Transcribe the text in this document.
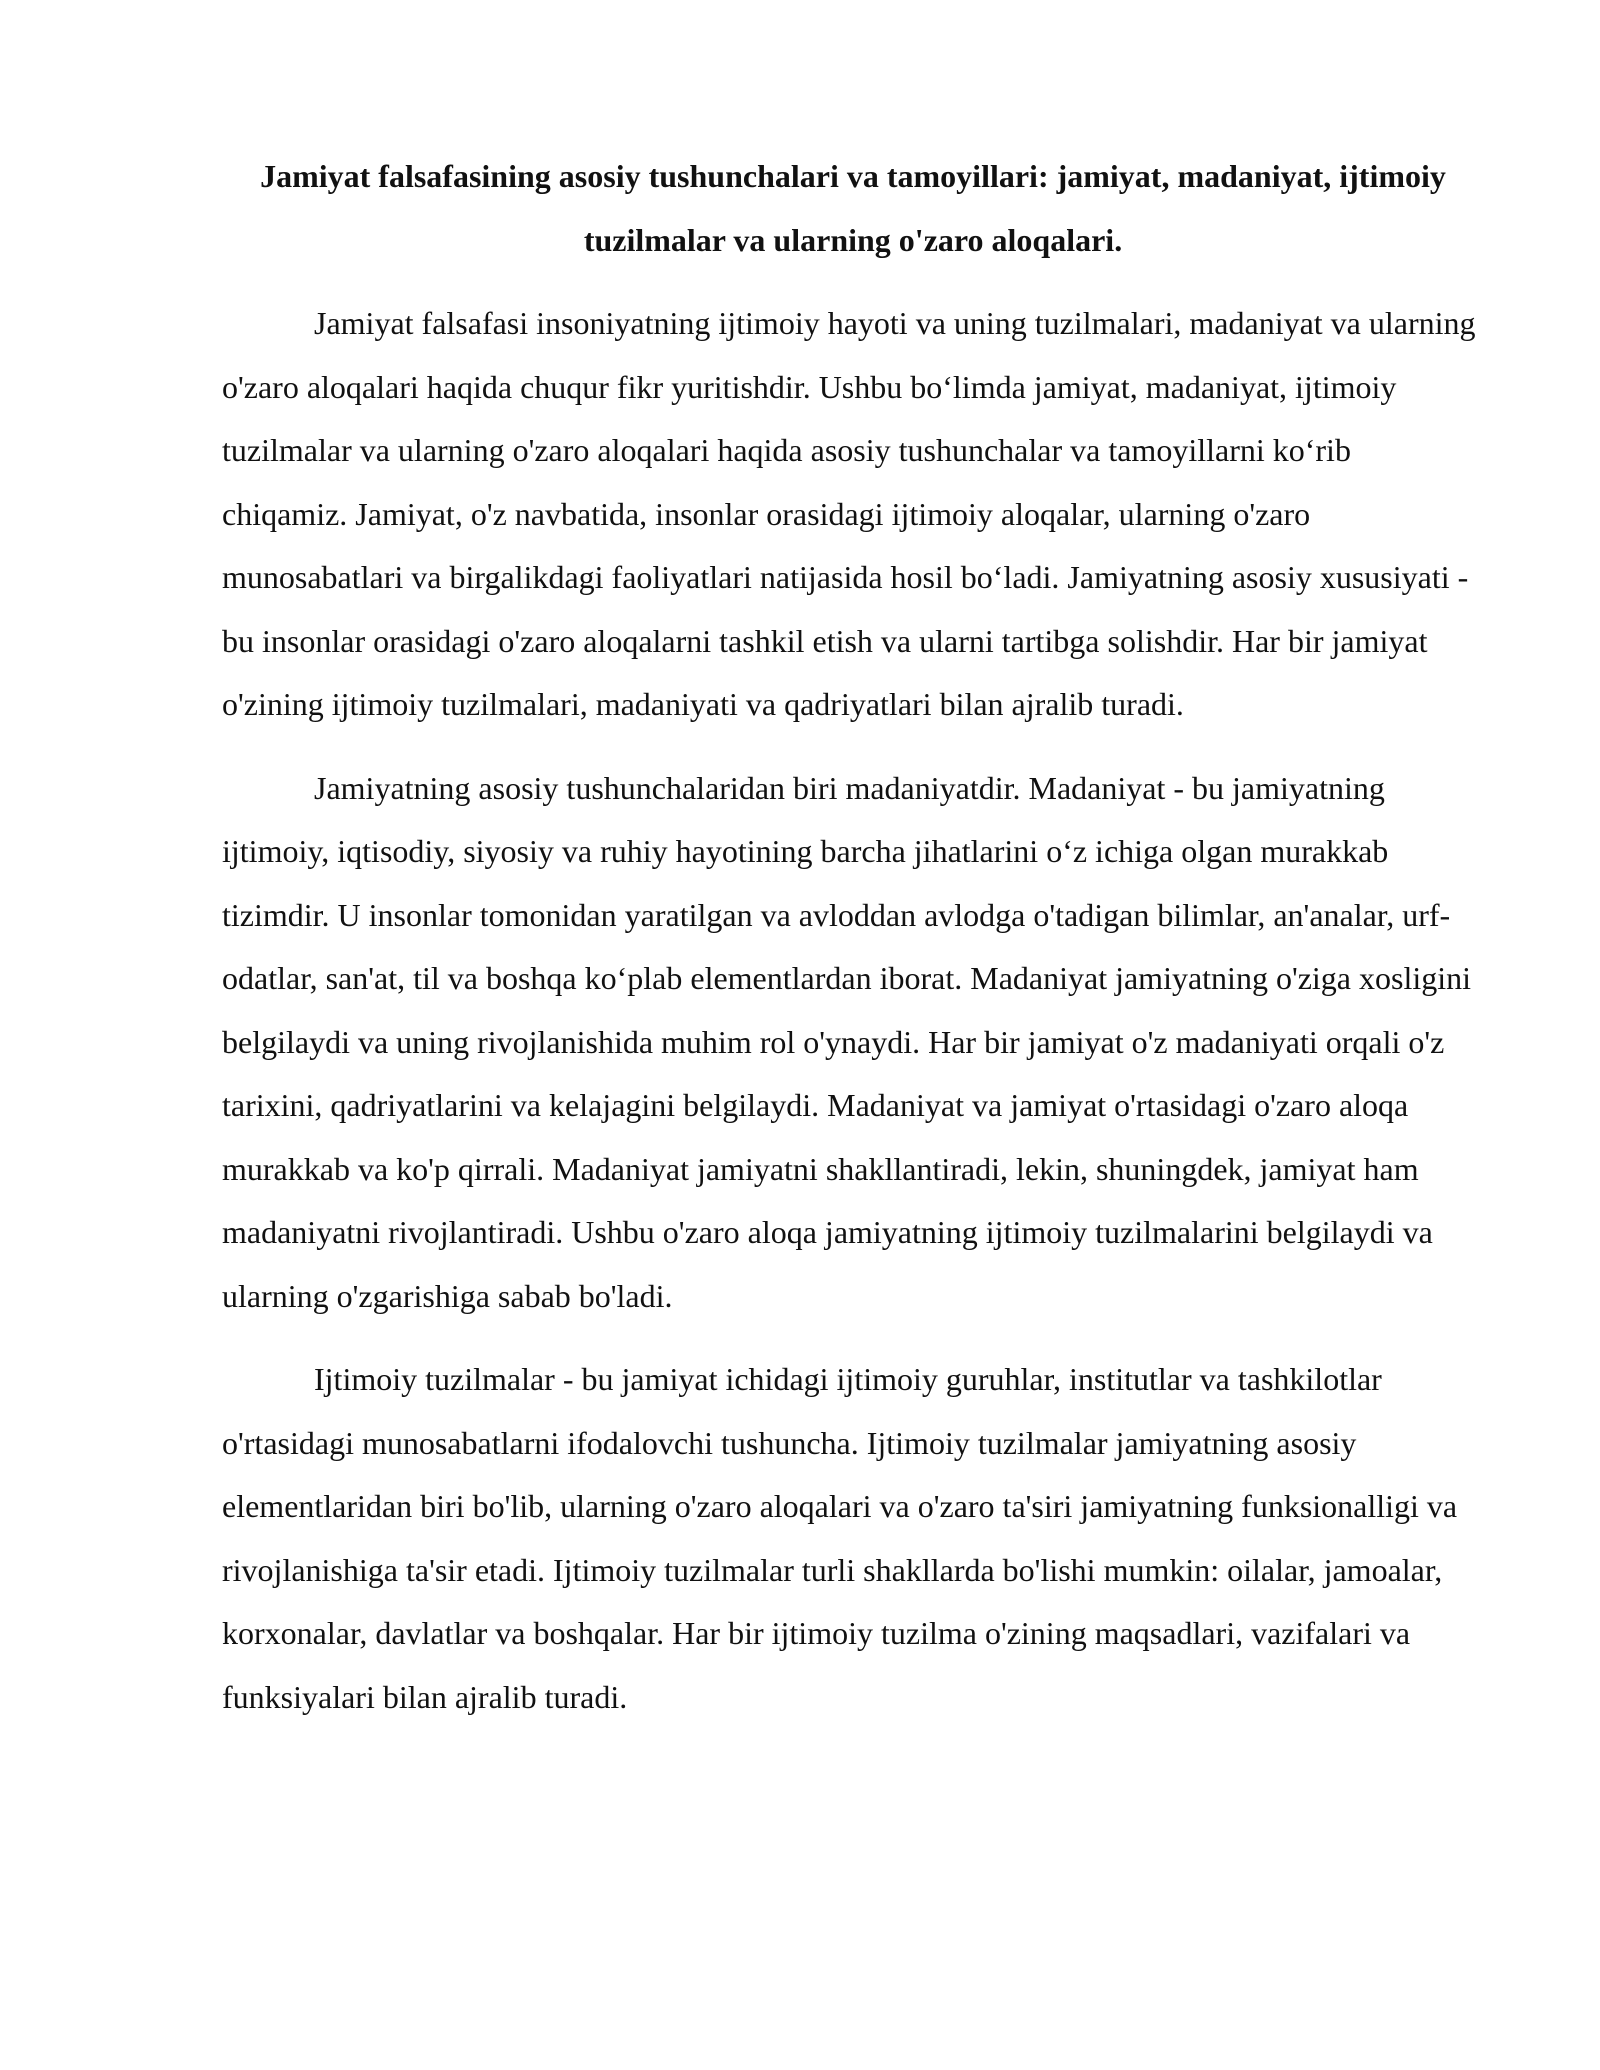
Jamiyat falsafasining asosiy tushunchalari va tamoyillari: jamiyat, madaniyat, ijtimoiy tuzilmalar va ularning o'zaro aloqalari.

Jamiyat falsafasi insoniyatning ijtimoiy hayoti va uning tuzilmalari, madaniyat va ularning o'zaro aloqalari haqida chuqur fikr yuritishdir. Ushbu bo‘limda jamiyat, madaniyat, ijtimoiy tuzilmalar va ularning o'zaro aloqalari haqida asosiy tushunchalar va tamoyillarni ko‘rib chiqamiz. Jamiyat, o'z navbatida, insonlar orasidagi ijtimoiy aloqalar, ularning o'zaro munosabatlari va birgalikdagi faoliyatlari natijasida hosil bo‘ladi. Jamiyatning asosiy xususiyati - bu insonlar orasidagi o'zaro aloqalarni tashkil etish va ularni tartibga solishdir. Har bir jamiyat o'zining ijtimoiy tuzilmalari, madaniyati va qadriyatlari bilan ajralib turadi.

Jamiyatning asosiy tushunchalaridan biri madaniyatdir. Madaniyat - bu jamiyatning ijtimoiy, iqtisodiy, siyosiy va ruhiy hayotining barcha jihatlarini o‘z ichiga olgan murakkab tizimdir. U insonlar tomonidan yaratilgan va avloddan avlodga o'tadigan bilimlar, an'analar, urf-odatlar, san'at, til va boshqa ko‘plab elementlardan iborat. Madaniyat jamiyatning o'ziga xosligini belgilaydi va uning rivojlanishida muhim rol o'ynaydi. Har bir jamiyat o'z madaniyati orqali o'z tarixini, qadriyatlarini va kelajagini belgilaydi. Madaniyat va jamiyat o'rtasidagi o'zaro aloqa murakkab va ko'p qirrali. Madaniyat jamiyatni shakllantiradi, lekin, shuningdek, jamiyat ham madaniyatni rivojlantiradi. Ushbu o'zaro aloqa jamiyatning ijtimoiy tuzilmalarini belgilaydi va ularning o'zgarishiga sabab bo'ladi.

Ijtimoiy tuzilmalar - bu jamiyat ichidagi ijtimoiy guruhlar, institutlar va tashkilotlar o'rtasidagi munosabatlarni ifodalovchi tushuncha. Ijtimoiy tuzilmalar jamiyatning asosiy elementlaridan biri bo'lib, ularning o'zaro aloqalari va o'zaro ta'siri jamiyatning funksionalligi va rivojlanishiga ta'sir etadi. Ijtimoiy tuzilmalar turli shakllarda bo'lishi mumkin: oilalar, jamoalar, korxonalar, davlatlar va boshqalar. Har bir ijtimoiy tuzilma o'zining maqsadlari, vazifalari va funksiyalari bilan ajralib turadi.
